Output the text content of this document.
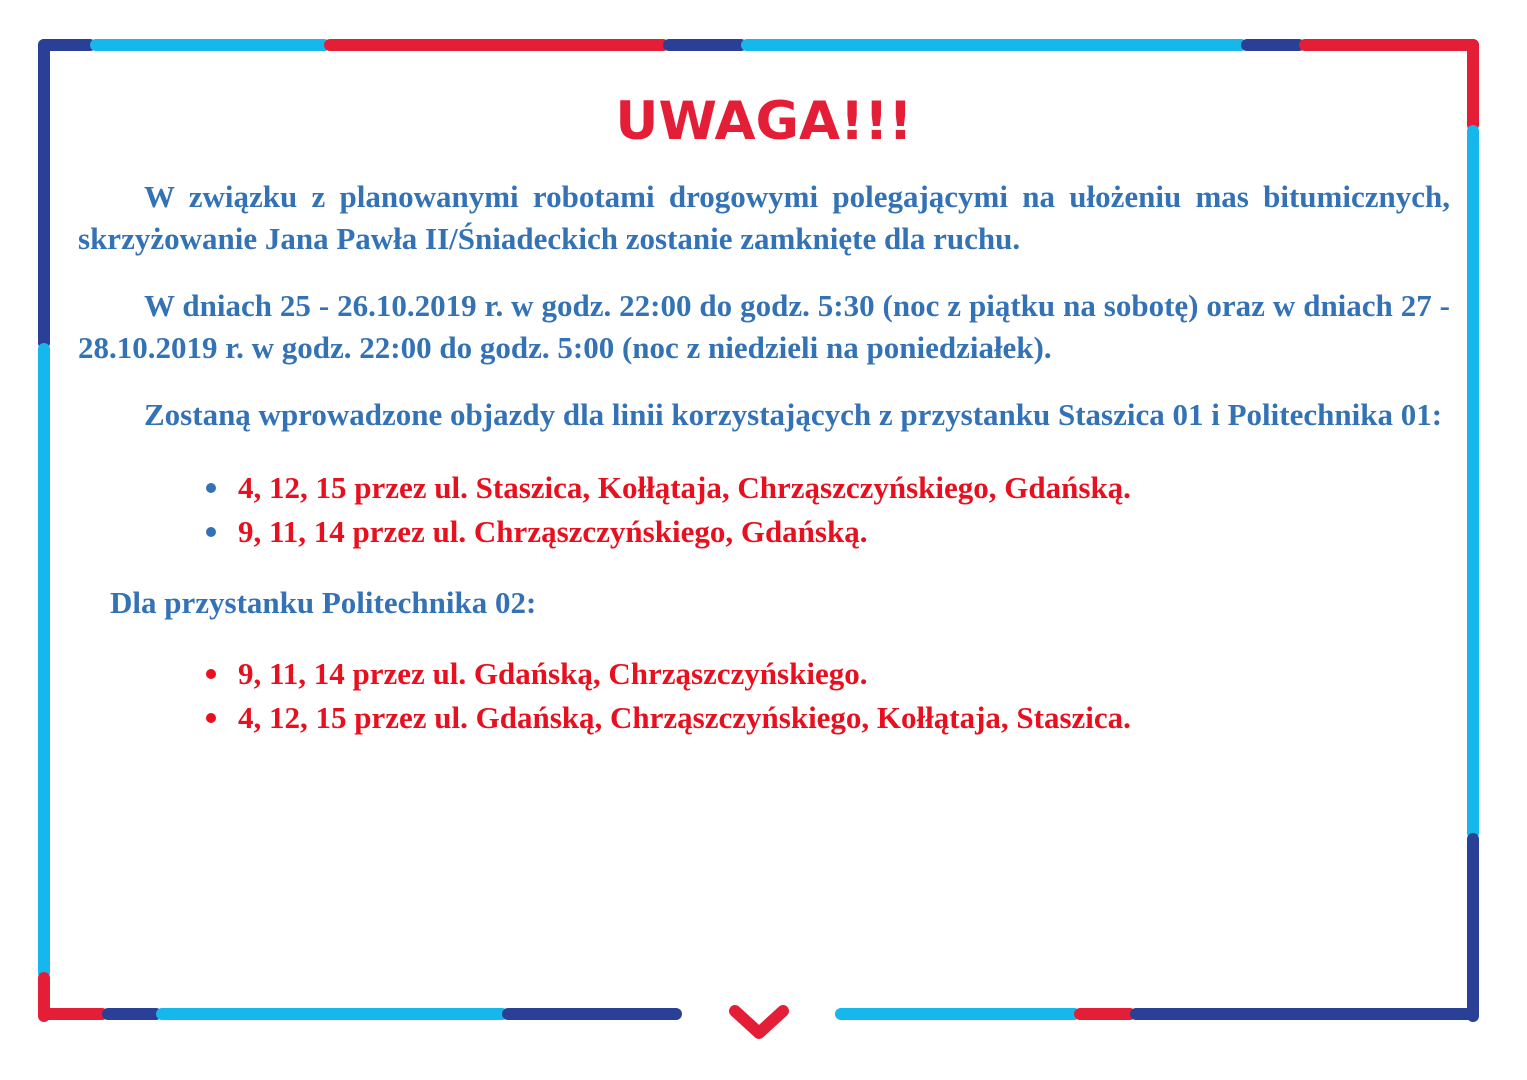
UWAGA!!!

W związku z planowanymi robotami drogowymi polegającymi na ułożeniu mas bitumicznych, skrzyżowanie Jana Pawła II/Śniadeckich zostanie zamknięte dla ruchu.

W dniach 25 - 26.10.2019 r. w godz. 22:00 do godz. 5:30 (noc z piątku na sobotę) oraz w dniach 27 - 28.10.2019 r. w godz. 22:00 do godz. 5:00 (noc z niedzieli na poniedziałek).

Zostaną wprowadzone objazdy dla linii korzystających z przystanku Staszica 01 i Politechnika 01:

4, 12, 15 przez ul. Staszica, Kołłątaja, Chrząszczyńskiego, Gdańską.
9, 11, 14 przez ul. Chrząszczyńskiego, Gdańską.

Dla przystanku Politechnika 02:

9, 11, 14 przez ul. Gdańską, Chrząszczyńskiego.
4, 12, 15 przez ul. Gdańską, Chrząszczyńskiego, Kołłątaja, Staszica.
